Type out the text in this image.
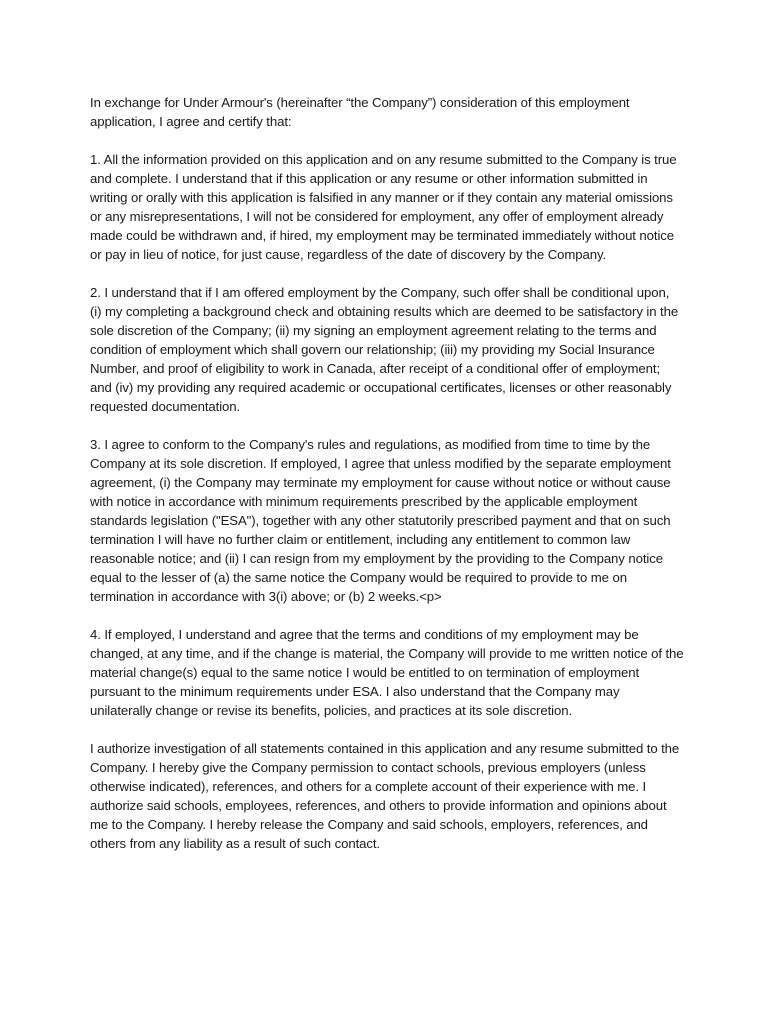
In exchange for Under Armour's (hereinafter “the Company”) consideration of this employment application, I agree and certify that:

1. All the information provided on this application and on any resume submitted to the Company is true and complete. I understand that if this application or any resume or other information submitted in writing or orally with this application is falsified in any manner or if they contain any material omissions or any misrepresentations, I will not be considered for employment, any offer of employment already made could be withdrawn and, if hired, my employment may be terminated immediately without notice or pay in lieu of notice, for just cause, regardless of the date of discovery by the Company.

2. I understand that if I am offered employment by the Company, such offer shall be conditional upon, (i) my completing a background check and obtaining results which are deemed to be satisfactory in the sole discretion of the Company; (ii) my signing an employment agreement relating to the terms and condition of employment which shall govern our relationship; (iii) my providing my Social Insurance Number, and proof of eligibility to work in Canada, after receipt of a conditional offer of employment; and (iv) my providing any required academic or occupational certificates, licenses or other reasonably requested documentation.

3. I agree to conform to the Company's rules and regulations, as modified from time to time by the Company at its sole discretion. If employed, I agree that unless modified by the separate employment agreement, (i) the Company may terminate my employment for cause without notice or without cause with notice in accordance with minimum requirements prescribed by the applicable employment standards legislation ("ESA"), together with any other statutorily prescribed payment and that on such termination I will have no further claim or entitlement, including any entitlement to common law reasonable notice; and (ii) I can resign from my employment by the providing to the Company notice equal to the lesser of (a) the same notice the Company would be required to provide to me on termination in accordance with 3(i) above; or (b) 2 weeks.<p>

4. If employed, I understand and agree that the terms and conditions of my employment may be changed, at any time, and if the change is material, the Company will provide to me written notice of the material change(s) equal to the same notice I would be entitled to on termination of employment pursuant to the minimum requirements under ESA. I also understand that the Company may unilaterally change or revise its benefits, policies, and practices at its sole discretion.

I authorize investigation of all statements contained in this application and any resume submitted to the Company. I hereby give the Company permission to contact schools, previous employers (unless otherwise indicated), references, and others for a complete account of their experience with me. I authorize said schools, employees, references, and others to provide information and opinions about me to the Company. I hereby release the Company and said schools, employers, references, and others from any liability as a result of such contact.
